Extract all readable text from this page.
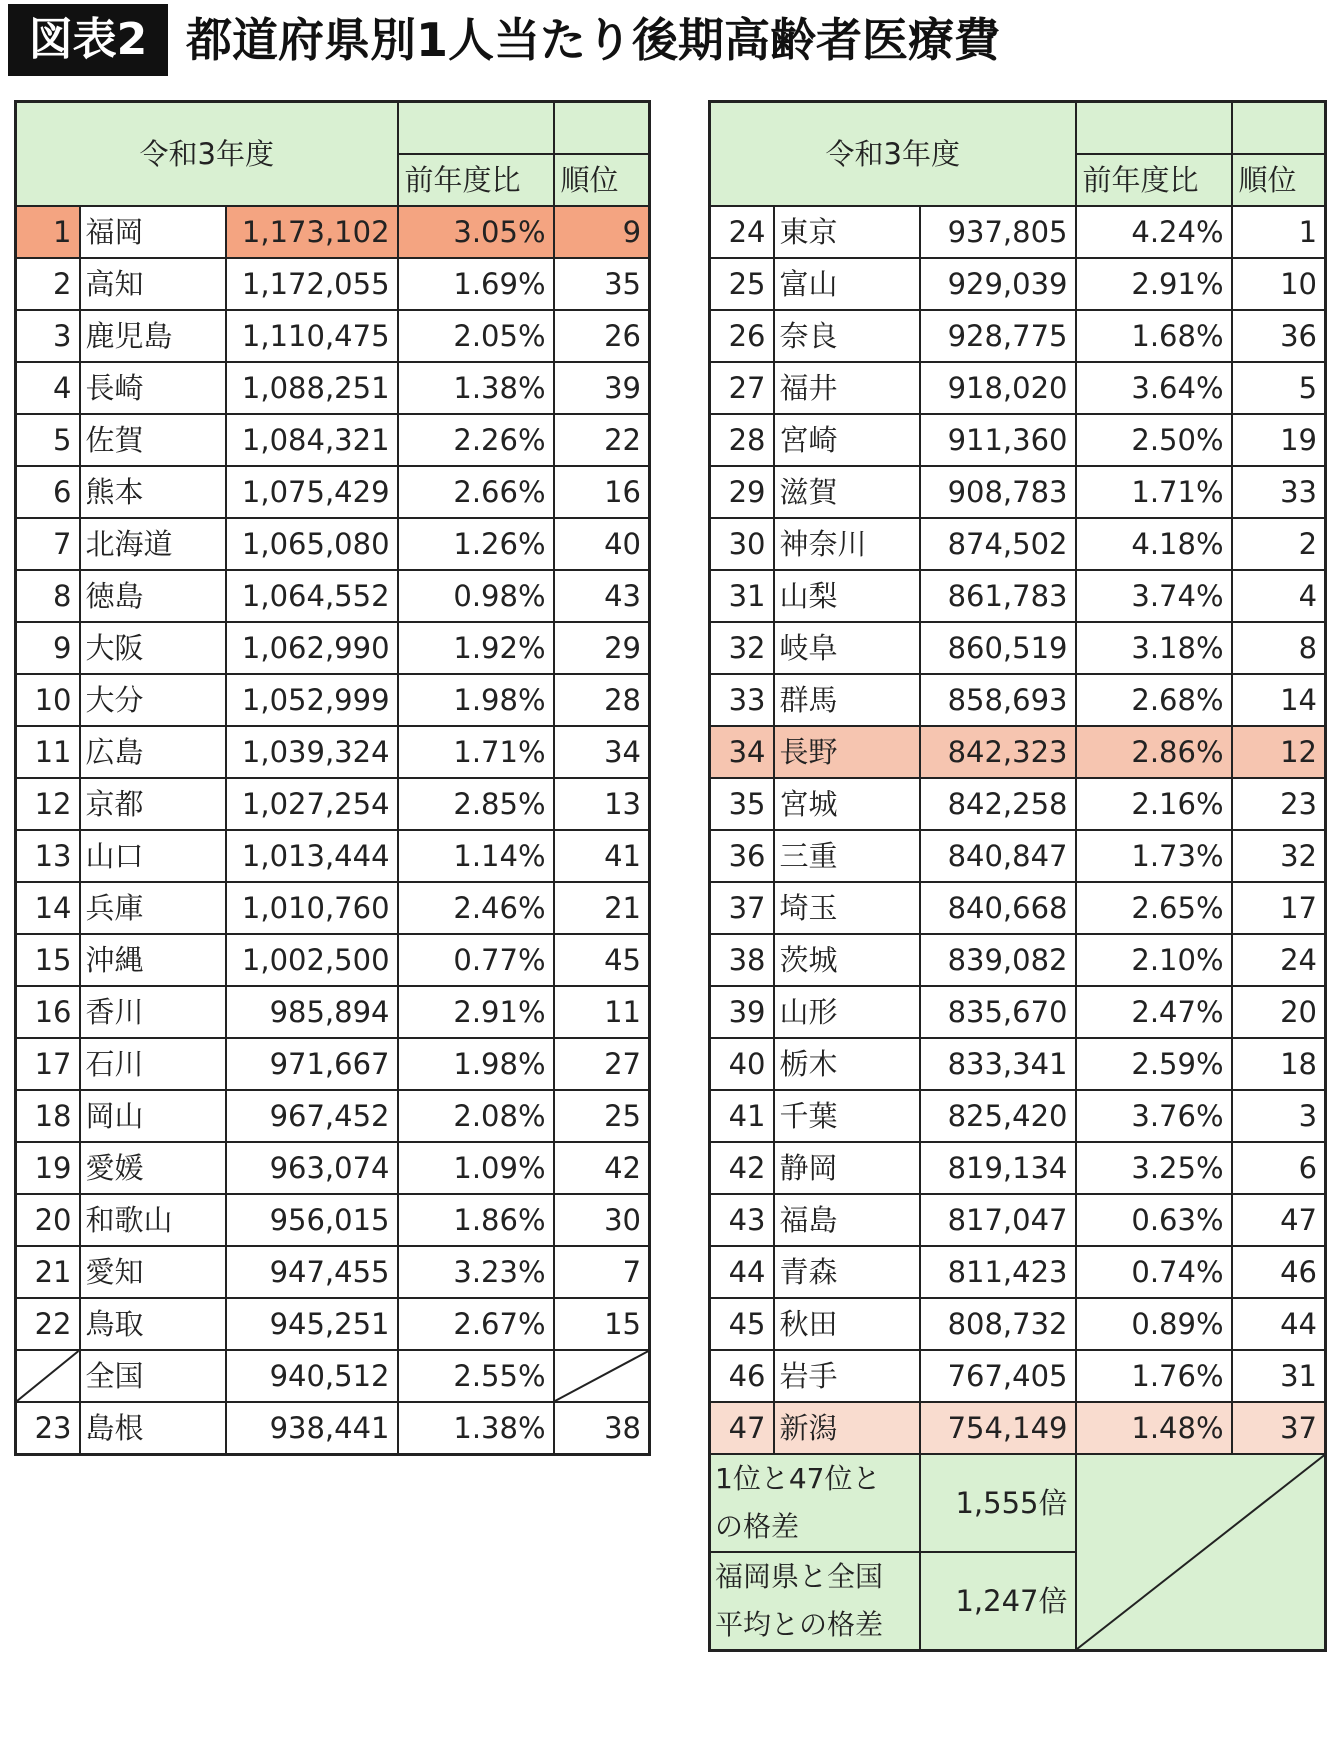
図表2 都道府県別1人当たり後期高齢者医療費
令和3年度				
			前年度比	順位
1	福岡	1,173,102	3.05%	9
2	高知	1,172,055	1.69%	35
3	鹿児島	1,110,475	2.05%	26
4	長崎	1,088,251	1.38%	39
5	佐賀	1,084,321	2.26%	22
6	熊本	1,075,429	2.66%	16
7	北海道	1,065,080	1.26%	40
8	徳島	1,064,552	0.98%	43
9	大阪	1,062,990	1.92%	29
10	大分	1,052,999	1.98%	28
11	広島	1,039,324	1.71%	34
12	京都	1,027,254	2.85%	13
13	山口	1,013,444	1.14%	41
14	兵庫	1,010,760	2.46%	21
15	沖縄	1,002,500	0.77%	45
16	香川	985,894	2.91%	11
17	石川	971,667	1.98%	27
18	岡山	967,452	2.08%	25
19	愛媛	963,074	1.09%	42
20	和歌山	956,015	1.86%	30
21	愛知	947,455	3.23%	7
22	鳥取	945,251	2.67%	15

	全国	940,512	2.55%	

23	島根	938,441	1.38%	38
令和3年度				
			前年度比	順位
24	東京	937,805	4.24%	1
25	富山	929,039	2.91%	10
26	奈良	928,775	1.68%	36
27	福井	918,020	3.64%	5
28	宮崎	911,360	2.50%	19
29	滋賀	908,783	1.71%	33
30	神奈川	874,502	4.18%	2
31	山梨	861,783	3.74%	4
32	岐阜	860,519	3.18%	8
33	群馬	858,693	2.68%	14
34	長野	842,323	2.86%	12
35	宮城	842,258	2.16%	23
36	三重	840,847	1.73%	32
37	埼玉	840,668	2.65%	17
38	茨城	839,082	2.10%	24
39	山形	835,670	2.47%	20
40	栃木	833,341	2.59%	18
41	千葉	825,420	3.76%	3
42	静岡	819,134	3.25%	6
43	福島	817,047	0.63%	47
44	青森	811,423	0.74%	46
45	秋田	808,732	0.89%	44
46	岩手	767,405	1.76%	31
47	新潟	754,149	1.48%	37

1位と47位と
の格差		1,555倍	

福岡県と全国
平均との格差		1,247倍		
